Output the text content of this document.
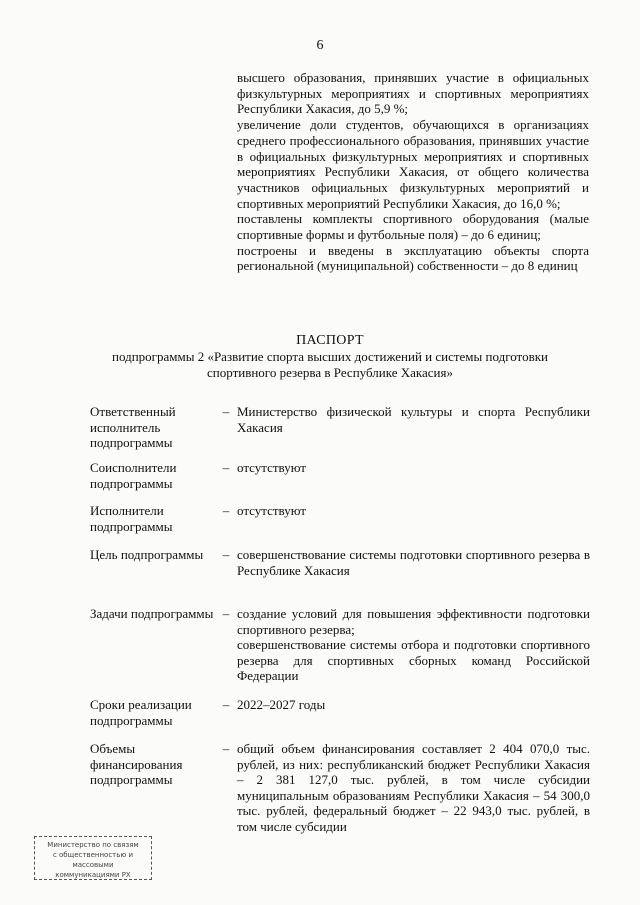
6

высшего образования, принявших участие в официальных физкультурных мероприятиях и спортивных мероприятиях Республики Хакасия, до 5,9 %;

увеличение доли студентов, обучающихся в организациях среднего профессионального образования, принявших участие в официальных физкультурных мероприятиях и спортивных мероприятиях Республики Хакасия, от общего количества участников официальных физкультурных мероприятий и спортивных мероприятий Республики Хакасия, до 16,0 %;

поставлены комплекты спортивного оборудования (малые спортивные формы и футбольные поля) – до 6 единиц;

построены и введены в эксплуатацию объекты спорта региональной (муниципальной) собственности – до 8 единиц

ПАСПОРТ
подпрограммы 2 «Развитие спорта высших достижений и системы подготовки
спортивного резерва в Республике Хакасия»
Ответственный исполнитель подпрограммы
– Министерство физической культуры и спорта Республики Хакасия

Соисполнители подпрограммы
– отсутствуют

Исполнители подпрограммы
– отсутствуют

Цель подпрограммы	– совершенствование системы подготовки спортивного резерва в Республике Хакасия

Задачи подпрограммы – создание условий для повышения эффективности подготовки спортивного резерва;

совершенствование системы отбора и подготовки спортивного резерва для спортивных сборных команд Российской Федерации

Сроки реализации подпрограммы
– 2022–2027 годы

Объемы финансирования подпрограммы
– общий объем финансирования составляет 2 404 070,0 тыс. рублей, из них: республиканский бюджет Республики Хакасия – 2 381 127,0 тыс. рублей, в том числе субсидии муниципальным образованиям Республики Хакасия – 54 300,0 тыс. рублей, федеральный бюджет – 22 943,0 тыс. рублей, в том числе субсидии

Министерство по связям
с общественностью и массовыми
коммуникациями РХ
